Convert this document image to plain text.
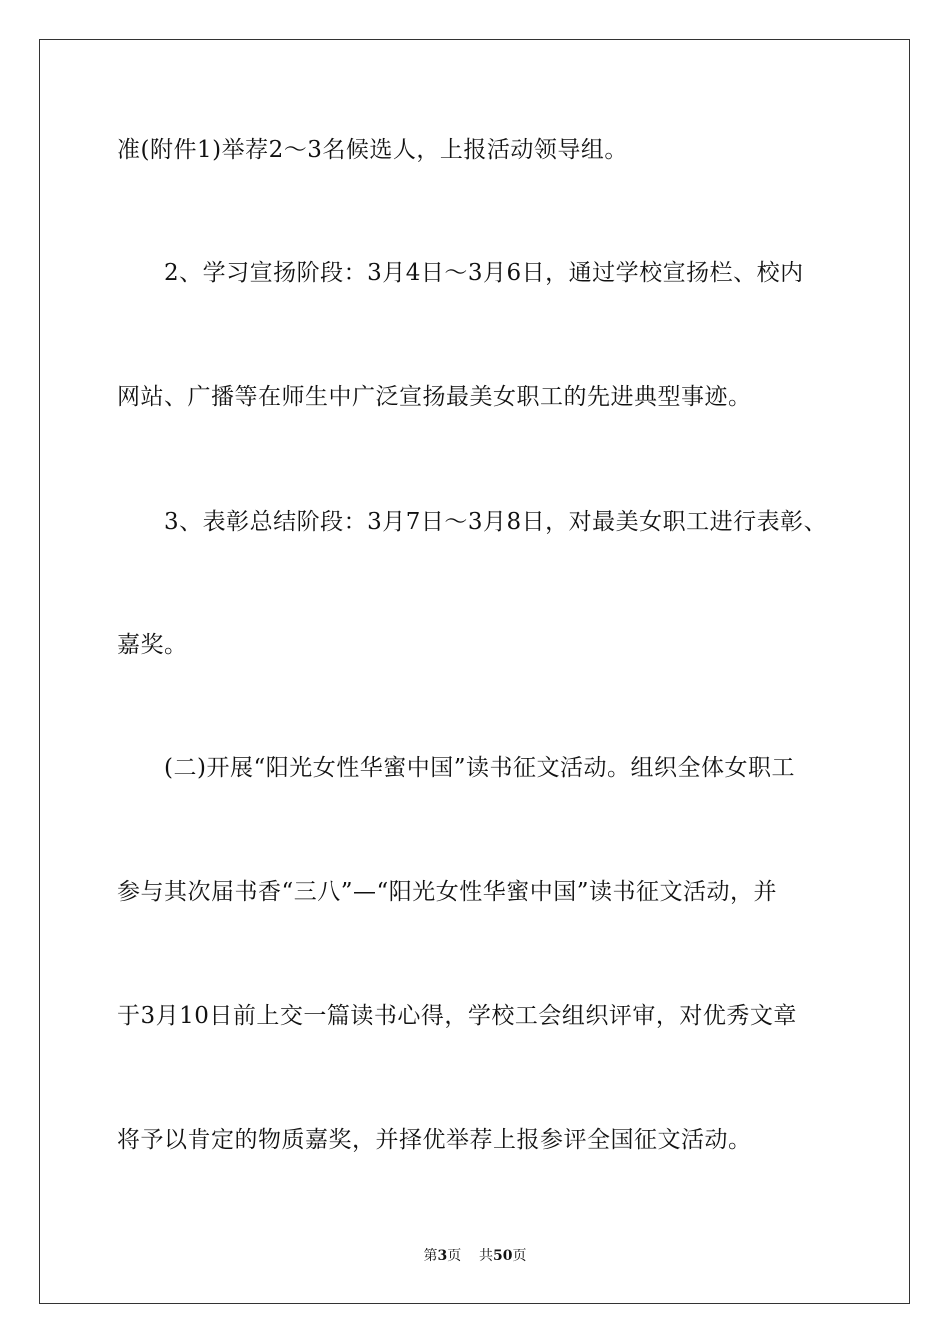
准(附件1)举荐2～3名候选人，上报活动领导组。
　　2、学习宣扬阶段：3月4日～3月6日，通过学校宣扬栏、校内
网站、广播等在师生中广泛宣扬最美女职工的先进典型事迹。
　　3、表彰总结阶段：3月7日～3月8日，对最美女职工进行表彰、
嘉奖。
　　(二)开展“阳光女性华蜜中国”读书征文活动。组织全体女职工
参与其次届书香“三八”—“阳光女性华蜜中国”读书征文活动，并
于3月10日前上交一篇读书心得，学校工会组织评审，对优秀文章
将予以肯定的物质嘉奖，并择优举荐上报参评全国征文活动。
第3页 共50页
